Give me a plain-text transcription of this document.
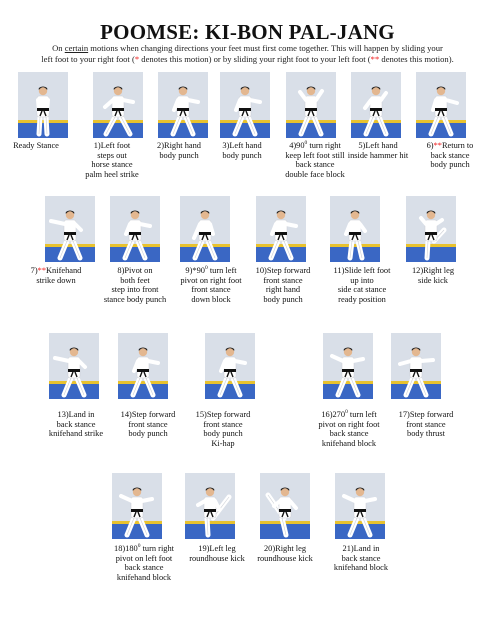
POOMSE: KI-BON PAL-JANG
On certain motions when changing directions your feet must first come together. This will happen by sliding your
left foot to your right foot (* denotes this motion) or by sliding your right foot to your left foot (** denotes this motion).
Ready Stance	1)Left foot
steps out
horse stance
palm heel strike
2)Right hand
body punch
3)Left hand
body punch
$4)90^0$ turn right
keep left foot still
back stance
double face block
5)Left hand
inside hammer hit
6)**Return to
back stance
body punch
7)**Knifehand
strike down
8)Pivot on
both feet
step into front
stance body punch
$9)*90^0$ turn left
pivot on right foot
front stance
down block
10)Step forward
front stance
right hand
body punch
11)Slide left foot
up into
side cat stance
ready position
12)Right leg
side kick
13)Land in
back stance
knifehand strike
14)Step forward
front stance
body punch
15)Step forward
front stance
body punch
Ki-hap
$16)270^0$ turn left
pivot on right foot
back stance
knifehand block
17)Step forward
front stance
body thrust
$18)180^0$ turn right
pivot on left foot
back stance
knifehand block
19)Left leg
roundhouse kick
20)Right leg
roundhouse kick
21)Land in
back stance
knifehand block
